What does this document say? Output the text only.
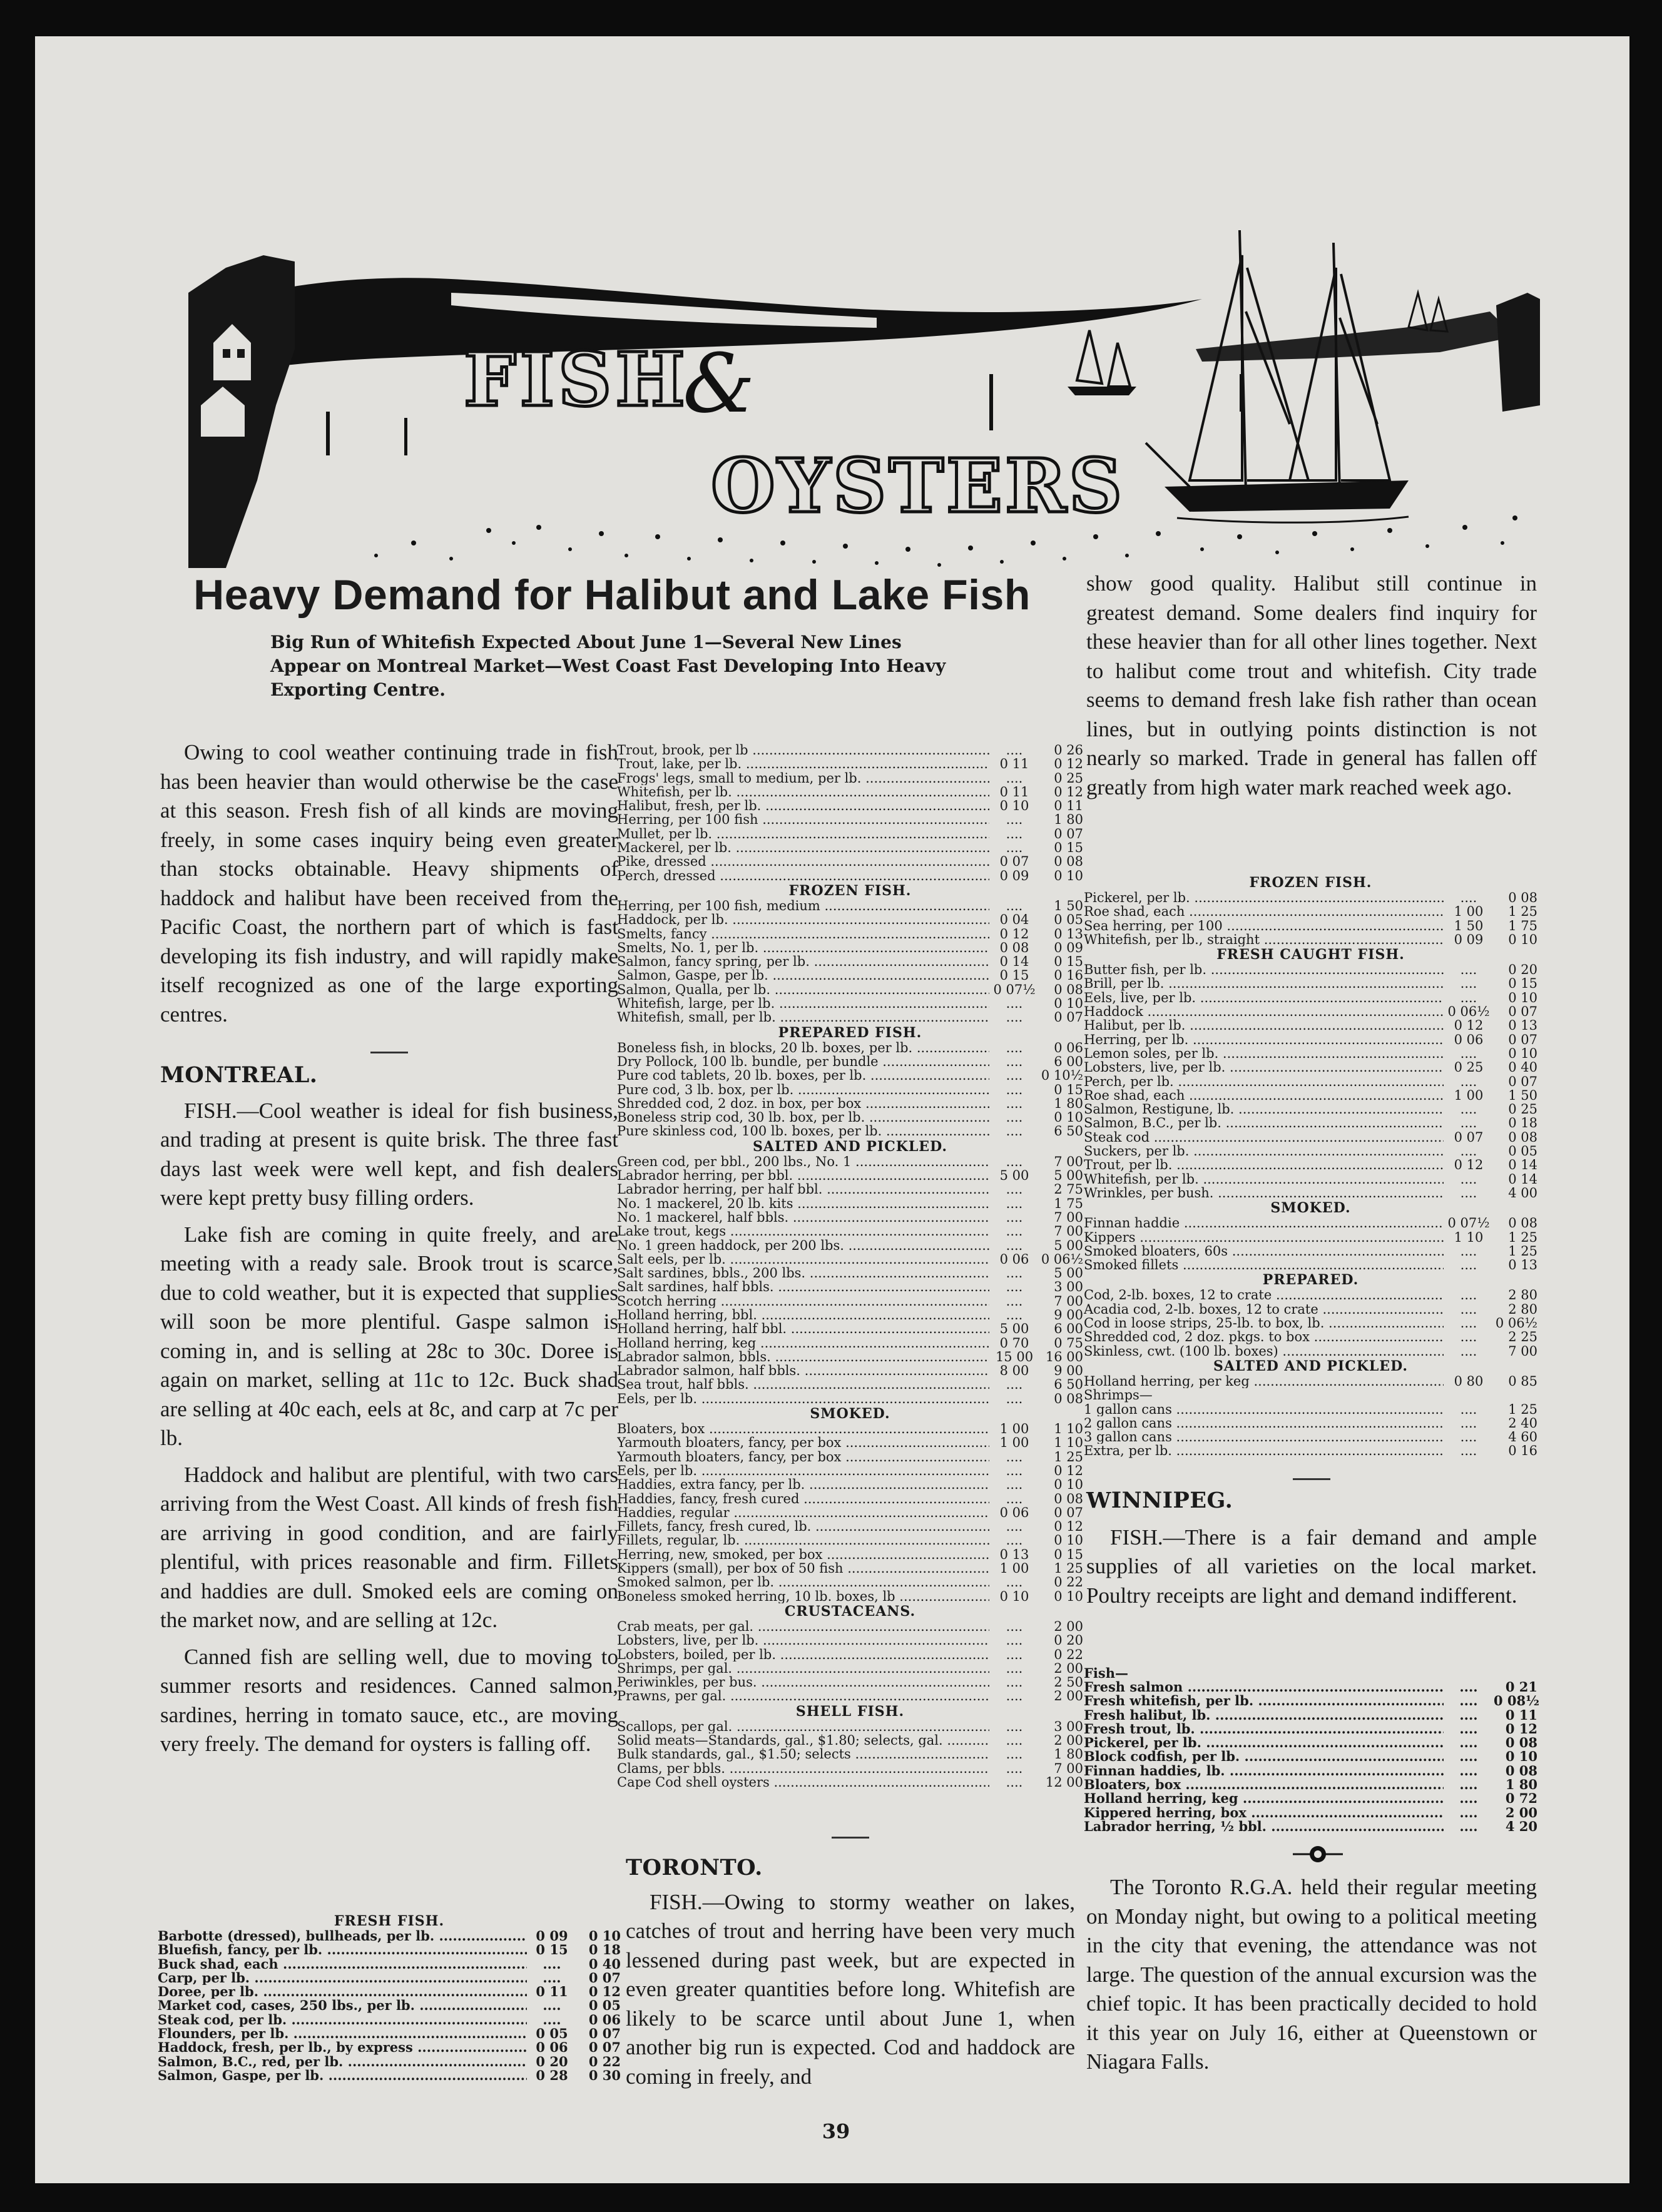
FISH
&
OYSTERS
Heavy Demand for Halibut and Lake Fish
Big Run of Whitefish Expected About June 1—Several New Lines Appear on Montreal Market—West Coast Fast Developing Into Heavy Exporting Centre.

Owing to cool weather continuing trade in fish has been heavier than would otherwise be the case at this season. Fresh fish of all kinds are moving freely, in some cases inquiry being even greater than stocks obtainable. Heavy shipments of haddock and halibut have been received from the Pacific Coast, the northern part of which is fast developing its fish industry, and will rapidly make itself recognized as one of the large exporting centres.

MONTREAL.

FISH.—Cool weather is ideal for fish business, and trading at present is quite brisk. The three fast days last week were well kept, and fish dealers were kept pretty busy filling orders.

Lake fish are coming in quite freely, and are meeting with a ready sale. Brook trout is scarce, due to cold weather, but it is expected that supplies will soon be more plentiful. Gaspe salmon is coming in, and is selling at 28c to 30c. Doree is again on market, selling at 11c to 12c. Buck shad are selling at 40c each, eels at 8c, and carp at 7c per lb.

Haddock and halibut are plentiful, with two cars arriving from the West Coast. All kinds of fresh fish are arriving in good condition, and are fairly plentiful, with prices reasonable and firm. Fillets and haddies are dull. Smoked eels are coming on the market now, and are selling at 12c.

Canned fish are selling well, due to moving to summer resorts and residences. Canned salmon, sardines, herring in tomato sauce, etc., are moving very freely. The demand for oysters is falling off.

FRESH FISH.
Barbotte (dressed), bullheads, per lb. .....	0 09	0 10
Bluefish, fancy, per lb. .....	0 15	0 18
Buck shad, each .....	....	0 40
Carp, per lb. .....	....	0 07
Doree, per lb. .....	0 11	0 12
Market cod, cases, 250 lbs., per lb. .....	....	0 05
Steak cod, per lb. .....	....	0 06
Flounders, per lb. .....	0 05	0 07
Haddock, fresh, per lb., by express .....	0 06	0 07
Salmon, B.C., red, per lb. .....	0 20	0 22
Salmon, Gaspe, per lb. .....	0 28	0 30
Trout, brook, per lb .....	....	0 26
Trout, lake, per lb. .....	0 11	0 12
Frogs' legs, small to medium, per lb. .....	....	0 25
Whitefish, per lb. .....	0 11	0 12
Halibut, fresh, per lb. .....	0 10	0 11
Herring, per 100 fish .....	....	1 80
Mullet, per lb. .....	....	0 07
Mackerel, per lb. .....	....	0 15
Pike, dressed .....	0 07	0 08
Perch, dressed .....	0 09	0 10
FROZEN FISH.
Herring, per 100 fish, medium .....	....	1 50
Haddock, per lb. .....	0 04	0 05
Smelts, fancy .....	0 12	0 13
Smelts, No. 1, per lb. .....	0 08	0 09
Salmon, fancy spring, per lb. .....	0 14	0 15
Salmon, Gaspe, per lb. .....	0 15	0 16
Salmon, Qualla, per lb. .....	0 07½	0 08
Whitefish, large, per lb. .....	....	0 10
Whitefish, small, per lb. .....	....	0 07
PREPARED FISH.
Boneless fish, in blocks, 20 lb. boxes, per lb. .....	....	0 06
Dry Pollock, 100 lb. bundle, per bundle .....	....	6 00
Pure cod tablets, 20 lb. boxes, per lb. .....	....	0 10½
Pure cod, 3 lb. box, per lb. .....	....	0 15
Shredded cod, 2 doz. in box, per box .....	....	1 80
Boneless strip cod, 30 lb. box, per lb. .....	....	0 10
Pure skinless cod, 100 lb. boxes, per lb. .....	....	6 50
SALTED AND PICKLED.
Green cod, per bbl., 200 lbs., No. 1 .....	....	7 00
Labrador herring, per bbl. .....	5 00	5 00
Labrador herring, per half bbl. .....	....	2 75
No. 1 mackerel, 20 lb. kits .....	....	1 75
No. 1 mackerel, half bbls. .....	....	7 00
Lake trout, kegs .....	....	7 00
No. 1 green haddock, per 200 lbs. .....	....	5 00
Salt eels, per lb. .....	0 06 0 06½
Salt sardines, bbls., 200 lbs. .....	....	5 00
Salt sardines, half bbls. .....	....	3 00
Scotch herring .....	....	7 00
Holland herring, bbl. .....	....	9 00
Holland herring, half bbl. .....	5 00	6 00
Holland herring, keg .....	0 70	0 75
Labrador salmon, bbls. .....	15 00 16 00
Labrador salmon, half bbls. .....	8 00	9 00
Sea trout, half bbls. .....	....	6 50
Eels, per lb. .....	....	0 08
SMOKED.
Bloaters, box .....	1 00	1 10
Yarmouth bloaters, fancy, per box .....	1 00	1 10
Yarmouth bloaters, fancy, per box .....	....	1 25
Eels, per lb. .....	....	0 12
Haddies, extra fancy, per lb. .....	....	0 10
Haddies, fancy, fresh cured .....	....	0 08
Haddies, regular .....	0 06	0 07
Fillets, fancy, fresh cured, lb. .....	....	0 12
Fillets, regular, lb. .....	....	0 10
Herring, new, smoked, per box .....	0 13	0 15
Kippers (small), per box of 50 fish .....	1 00	1 25
Smoked salmon, per lb. .....	....	0 22
Boneless smoked herring, 10 lb. boxes, lb .....	0 10	0 10
CRUSTACEANS.
Crab meats, per gal. .....	....	2 00
Lobsters, live, per lb. .....	....	0 20
Lobsters, boiled, per lb. .....	....	0 22
Shrimps, per gal. .....	....	2 00
Periwinkles, per bus. .....	....	2 50
Prawns, per gal. .....	....	2 00
SHELL FISH.
Scallops, per gal. .....	....	3 00
Solid meats—Standards, gal., $1.80; selects, gal. .....	....	2 00
Bulk standards, gal., $1.50; selects .....	....	1 80
Clams, per bbls. .....	....	7 00
Cape Cod shell oysters .....	....	12 00

TORONTO.

FISH.—Owing to stormy weather on lakes, catches of trout and herring have been very much lessened during past week, but are expected in even greater quantities before long. Whitefish are likely to be scarce until about June 1, when another big run is expected. Cod and haddock are coming in freely, and

show good quality. Halibut still continue in greatest demand. Some dealers find inquiry for these heavier than for all other lines together. Next to halibut come trout and whitefish. City trade seems to demand fresh lake fish rather than ocean lines, but in outlying points distinction is not nearly so marked. Trade in general has fallen off greatly from high water mark reached week ago.

FROZEN FISH.
Pickerel, per lb. .....	....	0 08
Roe shad, each .....	1 00	1 25
Sea herring, per 100 .....	1 50	1 75
Whitefish, per lb., straight .....	0 09	0 10
FRESH CAUGHT FISH.
Butter fish, per lb. .....	....	0 20
Brill, per lb. .....	....	0 15
Eels, live, per lb. .....	....	0 10
Haddock .....	0 06½	0 07
Halibut, per lb. .....	0 12	0 13
Herring, per lb. .....	0 06	0 07
Lemon soles, per lb. .....	....	0 10
Lobsters, live, per lb. .....	0 25	0 40
Perch, per lb. .....	....	0 07
Roe shad, each .....	1 00	1 50
Salmon, Restigune, lb. .....	....	0 25
Salmon, B.C., per lb. .....	....	0 18
Steak cod .....	0 07	0 08
Suckers, per lb. .....	....	0 05
Trout, per lb. .....	0 12	0 14
Whitefish, per lb. .....	....	0 14
Wrinkles, per bush. .....	....	4 00
SMOKED.
Finnan haddie .....	0 07½	0 08
Kippers .....	1 10	1 25
Smoked bloaters, 60s .....	....	1 25
Smoked fillets .....	....	0 13
PREPARED.
Cod, 2-lb. boxes, 12 to crate .....	....	2 80
Acadia cod, 2-lb. boxes, 12 to crate .....	....	2 80
Cod in loose strips, 25-lb. to box, lb. .....	....	0 06½
Shredded cod, 2 doz. pkgs. to box .....	....	2 25
Skinless, cwt. (100 lb. boxes) .....	....	7 00
SALTED AND PICKLED.
Holland herring, per keg .....	0 80	0 85
Shrimps—
1 gallon cans .....	....	1 25
2 gallon cans .....	....	2 40
3 gallon cans .....	....	4 60
Extra, per lb. .....	....	0 16

WINNIPEG.

FISH.—There is a fair demand and ample supplies of all varieties on the local market. Poultry receipts are light and demand indifferent.

Fish—
Fresh salmon .....	....	0 21
Fresh whitefish, per lb. .....	....	0 08½
Fresh halibut, lb. .....	....	0 11
Fresh trout, lb. .....	....	0 12
Pickerel, per lb. .....	....	0 08
Block codfish, per lb. .....	....	0 10
Finnan haddies, lb. .....	....	0 08
Bloaters, box .....	....	1 80
Holland herring, keg .....	....	0 72
Kippered herring, box .....	....	2 00
Labrador herring, ½ bbl. .....	....	4 20

The Toronto R.G.A. held their regular meeting on Monday night, but owing to a political meeting in the city that evening, the attendance was not large. The question of the annual excursion was the chief topic. It has been practically decided to hold it this year on July 16, either at Queenstown or Niagara Falls.

39
